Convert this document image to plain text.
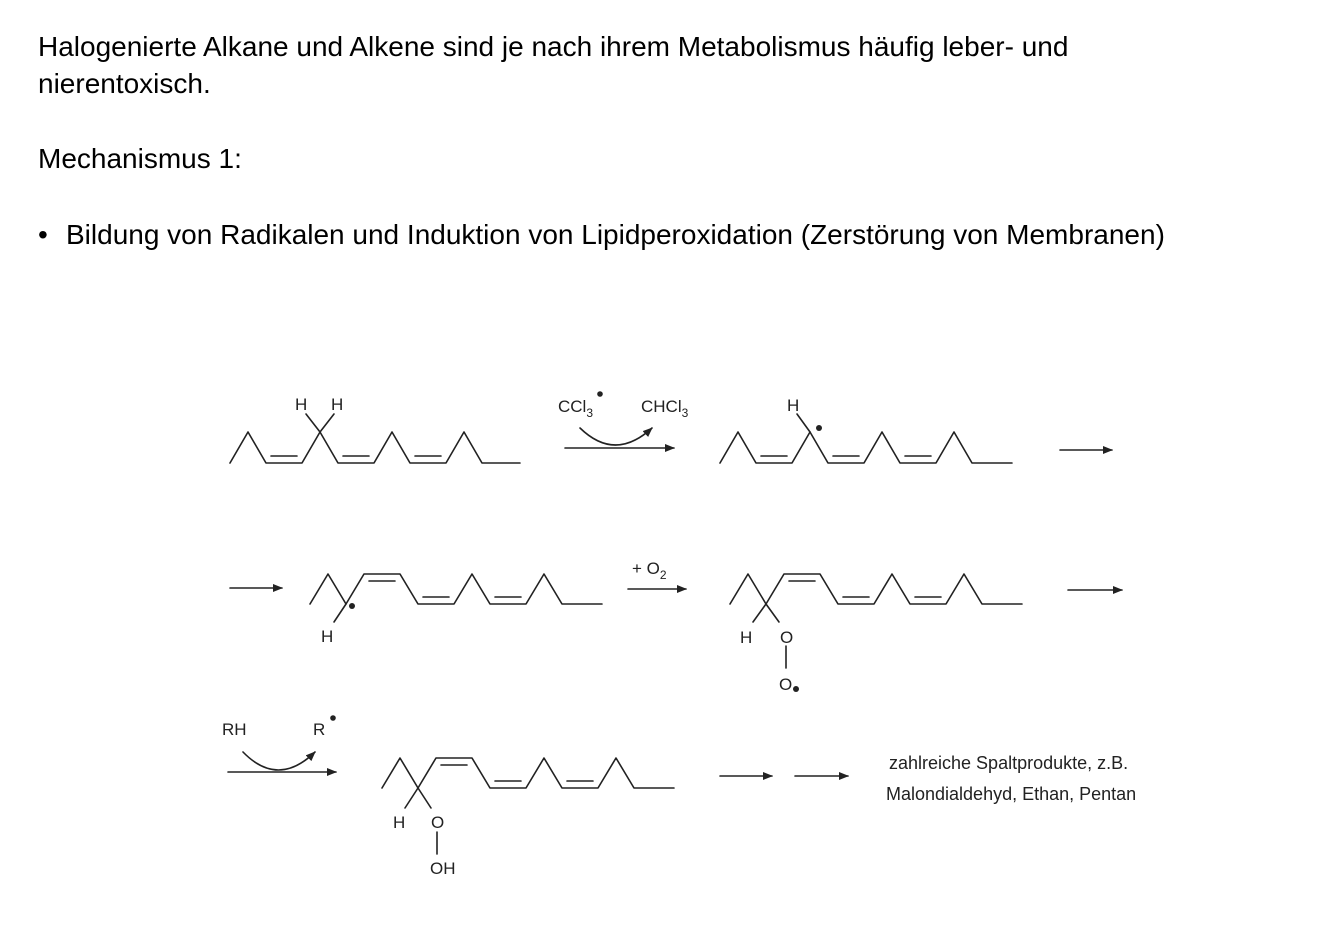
Halogenierte Alkane und Alkene sind je nach ihrem Metabolismus häufig leber- und
nierentoxisch.

Mechanismus 1:

• Bildung von Radikalen und Induktion von Lipidperoxidation (Zerstörung von Membranen)

H H	CCl$_3$	CHCl$_3$	H
H
+ $O_2$
H O
O
RH	R
H O
OH
zahlreiche Spaltprodukte, z.B.
Malondialdehyd, Ethan, Pentan
